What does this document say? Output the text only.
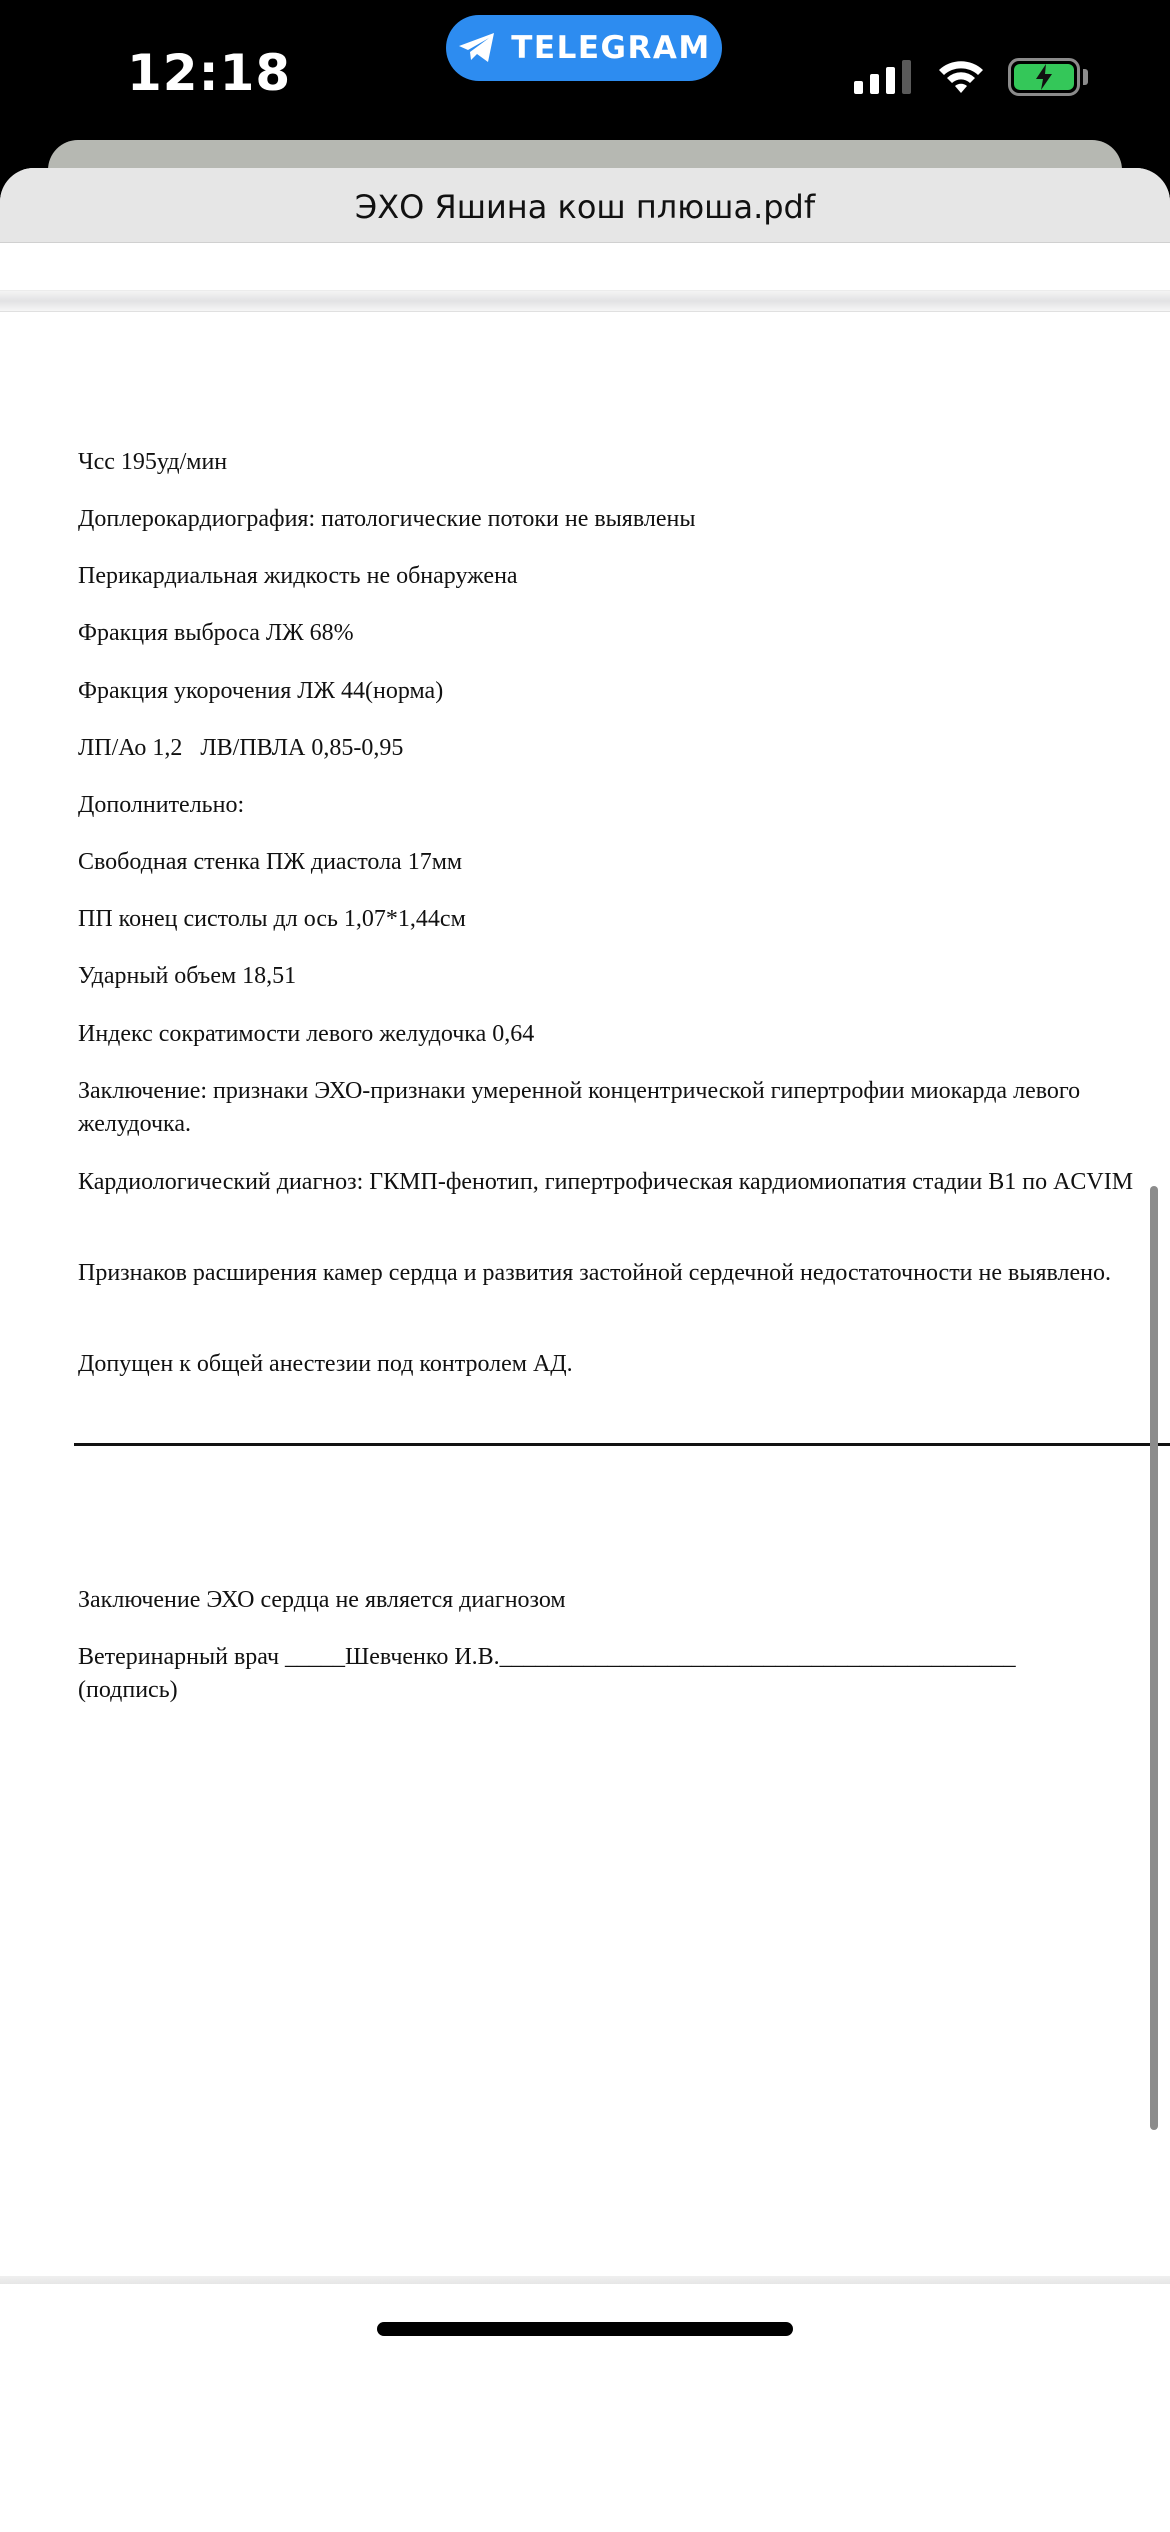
12:18	TELEGRAM
ЭХО Яшина кош плюша.pdf

Чсс 195уд/мин

Доплерокардиография: патологические потоки не выявлены

Перикардиальная жидкость не обнаружена

Фракция выброса ЛЖ 68%

Фракция укорочения ЛЖ 44(норма)

ЛП/Ао 1,2   ЛВ/ПВЛА 0,85-0,95

Дополнительно:

Свободная стенка ПЖ диастола 17мм

ПП конец систолы дл ось 1,07*1,44см

Ударный объем 18,51

Индекс сократимости левого желудочка 0,64

Заключение: признаки ЭХО-признаки умеренной концентрической гипертрофии миокарда левого желудочка.

Кардиологический диагноз: ГКМП-фенотип, гипертрофическая кардиомиопатия стадии В1 по ACVIM

Признаков расширения камер сердца и развития застойной сердечной недостаточности не выявлено.

Допущен к общей анестезии под контролем АД.

Заключение ЭХО сердца не является диагнозом

Ветеринарный врач _____Шевченко И.В.___________________________________________ (подпись)
